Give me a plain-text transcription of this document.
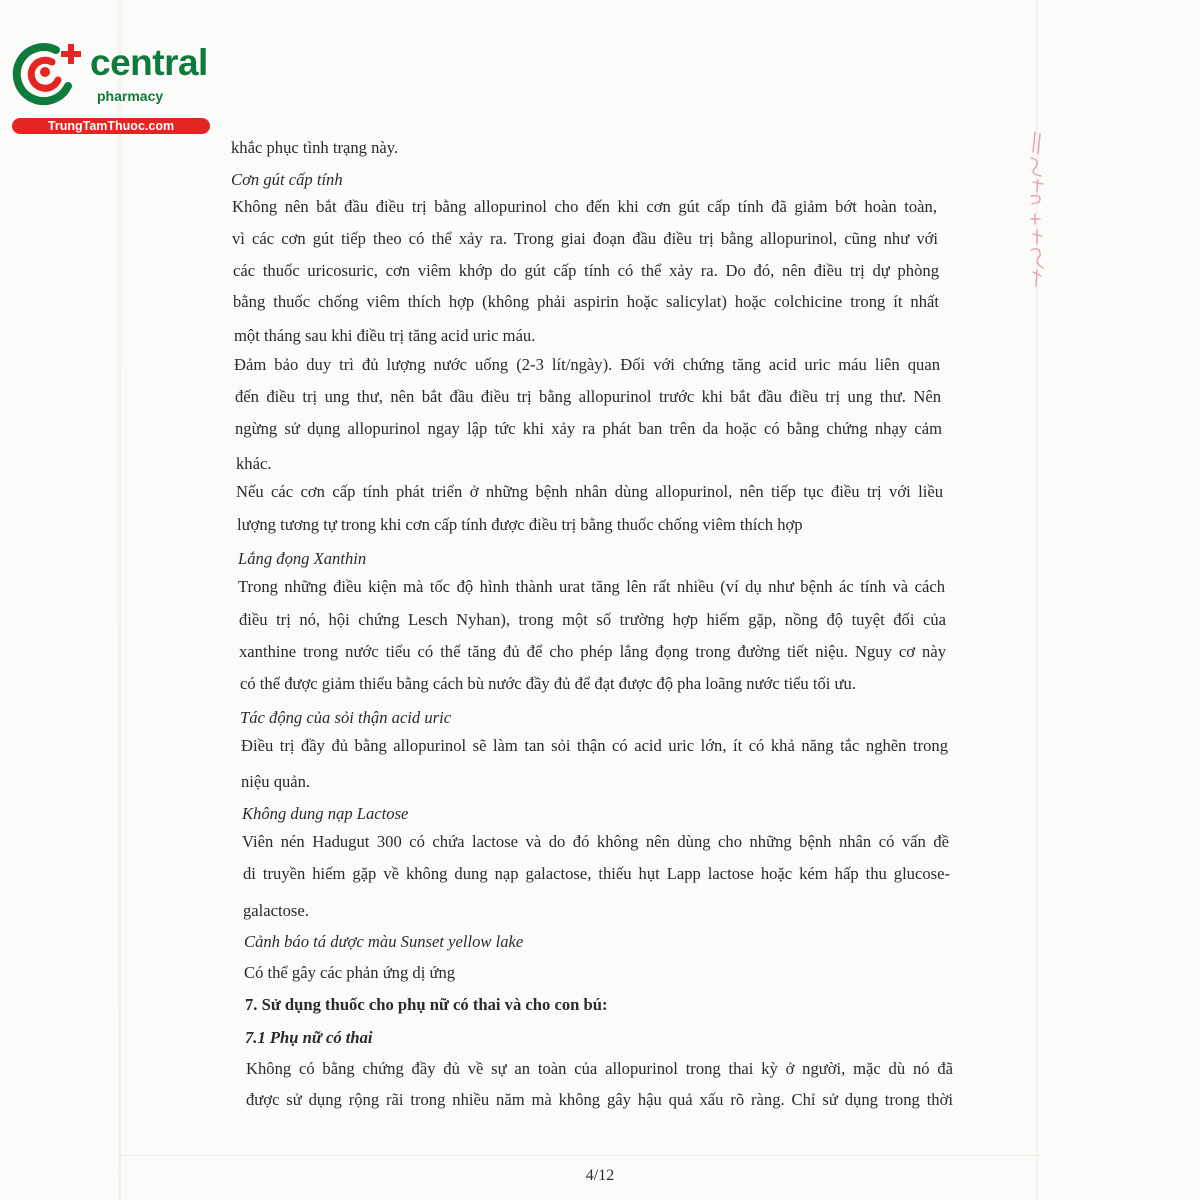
central
pharmacy
TrungTamThuoc.com
khắc phục tình trạng này.
Cơn gút cấp tính
Không nên bắt đầu điều trị bằng allopurinol cho đến khi cơn gút cấp tính đã giảm bớt hoàn toàn,
vì các cơn gút tiếp theo có thể xảy ra. Trong giai đoạn đầu điều trị bằng allopurinol, cũng như với
các thuốc uricosuric, cơn viêm khớp do gút cấp tính có thể xảy ra. Do đó, nên điều trị dự phòng
bằng thuốc chống viêm thích hợp (không phải aspirin hoặc salicylat) hoặc colchicine trong ít nhất
một tháng sau khi điều trị tăng acid uric máu.
Đảm bảo duy trì đủ lượng nước uống (2-3 lít/ngày). Đối với chứng tăng acid uric máu liên quan
đến điều trị ung thư, nên bắt đầu điều trị bằng allopurinol trước khi bắt đầu điều trị ung thư. Nên
ngừng sử dụng allopurinol ngay lập tức khi xảy ra phát ban trên da hoặc có bằng chứng nhạy cảm
khác.
Nếu các cơn cấp tính phát triển ở những bệnh nhân dùng allopurinol, nên tiếp tục điều trị với liều
lượng tương tự trong khi cơn cấp tính được điều trị bằng thuốc chống viêm thích hợp
Lắng đọng Xanthin
Trong những điều kiện mà tốc độ hình thành urat tăng lên rất nhiều (ví dụ như bệnh ác tính và cách
điều trị nó, hội chứng Lesch Nyhan), trong một số trường hợp hiếm gặp, nồng độ tuyệt đối của
xanthine trong nước tiểu có thể tăng đủ để cho phép lắng đọng trong đường tiết niệu. Nguy cơ này
có thể được giảm thiểu bằng cách bù nước đầy đủ để đạt được độ pha loãng nước tiểu tối ưu.
Tác động của sỏi thận acid uric
Điều trị đầy đủ bằng allopurinol sẽ làm tan sỏi thận có acid uric lớn, ít có khả năng tắc nghẽn trong
niệu quản.
Không dung nạp Lactose
Viên nén Hadugut 300 có chứa lactose và do đó không nên dùng cho những bệnh nhân có vấn đề
di truyền hiếm gặp về không dung nạp galactose, thiếu hụt Lapp lactose hoặc kém hấp thu glucose-
galactose.
Cảnh báo tá dược màu Sunset yellow lake
Có thể gây các phản ứng dị ứng
7. Sử dụng thuốc cho phụ nữ có thai và cho con bú:
7.1 Phụ nữ có thai
Không có bằng chứng đầy đủ về sự an toàn của allopurinol trong thai kỳ ở người, mặc dù nó đã
được sử dụng rộng rãi trong nhiều năm mà không gây hậu quả xấu rõ ràng. Chỉ sử dụng trong thời
4/12
